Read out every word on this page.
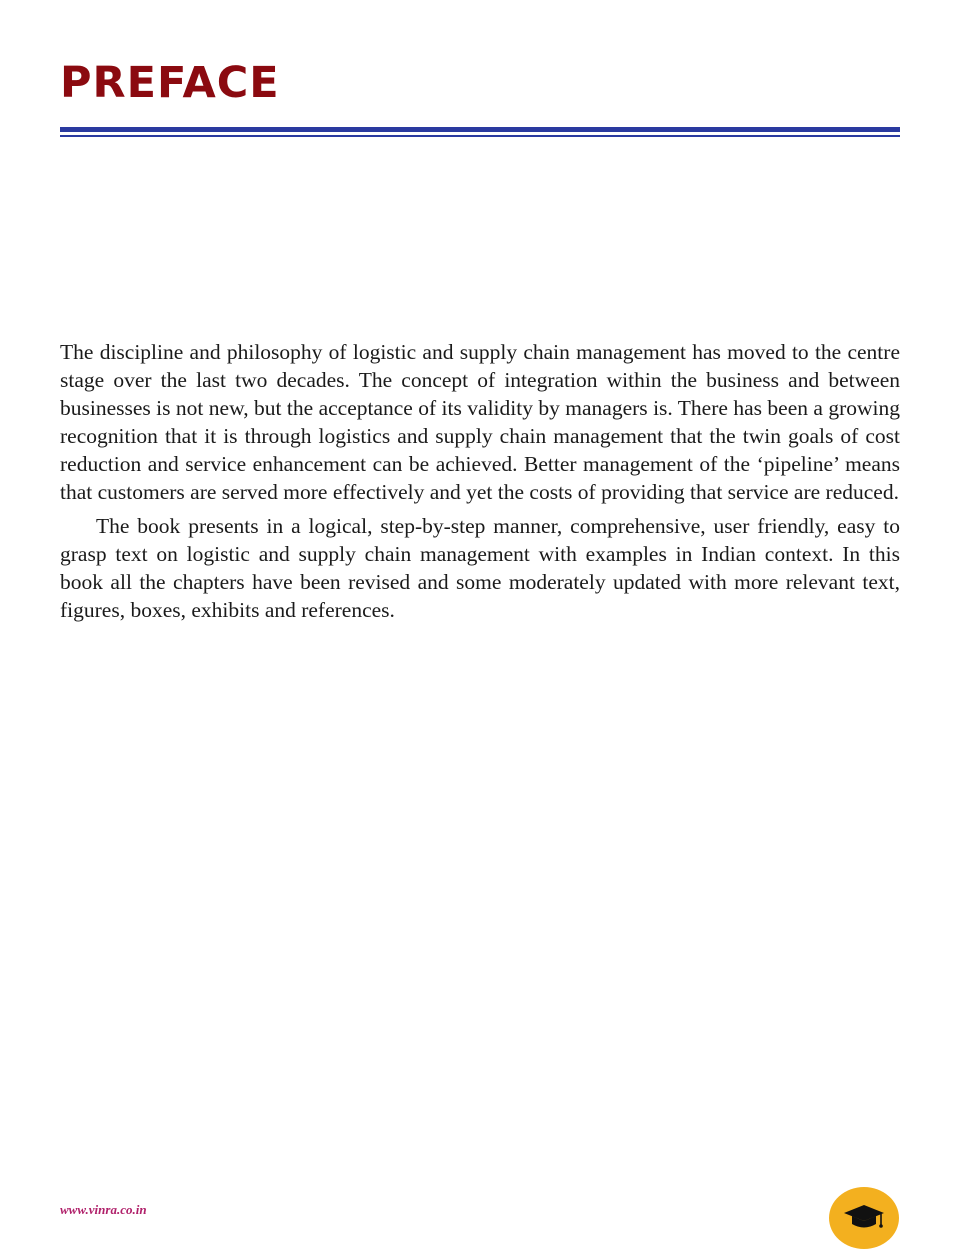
PREFACE

The discipline and philosophy of logistic and supply chain management has moved to the centre stage over the last two decades. The concept of integration within the business and between businesses is not new, but the acceptance of its validity by managers is. There has been a growing recognition that it is through logistics and supply chain management that the twin goals of cost reduction and service enhancement can be achieved. Better management of the ‘pipeline’ means that customers are served more effectively and yet the costs of providing that service are reduced.

The book presents in a logical, step-by-step manner, comprehensive, user friendly, easy to grasp text on logistic and supply chain management with examples in Indian context. In this book all the chapters have been revised and some moderately updated with more relevant text, figures, boxes, exhibits and references.

www.vinra.co.in
